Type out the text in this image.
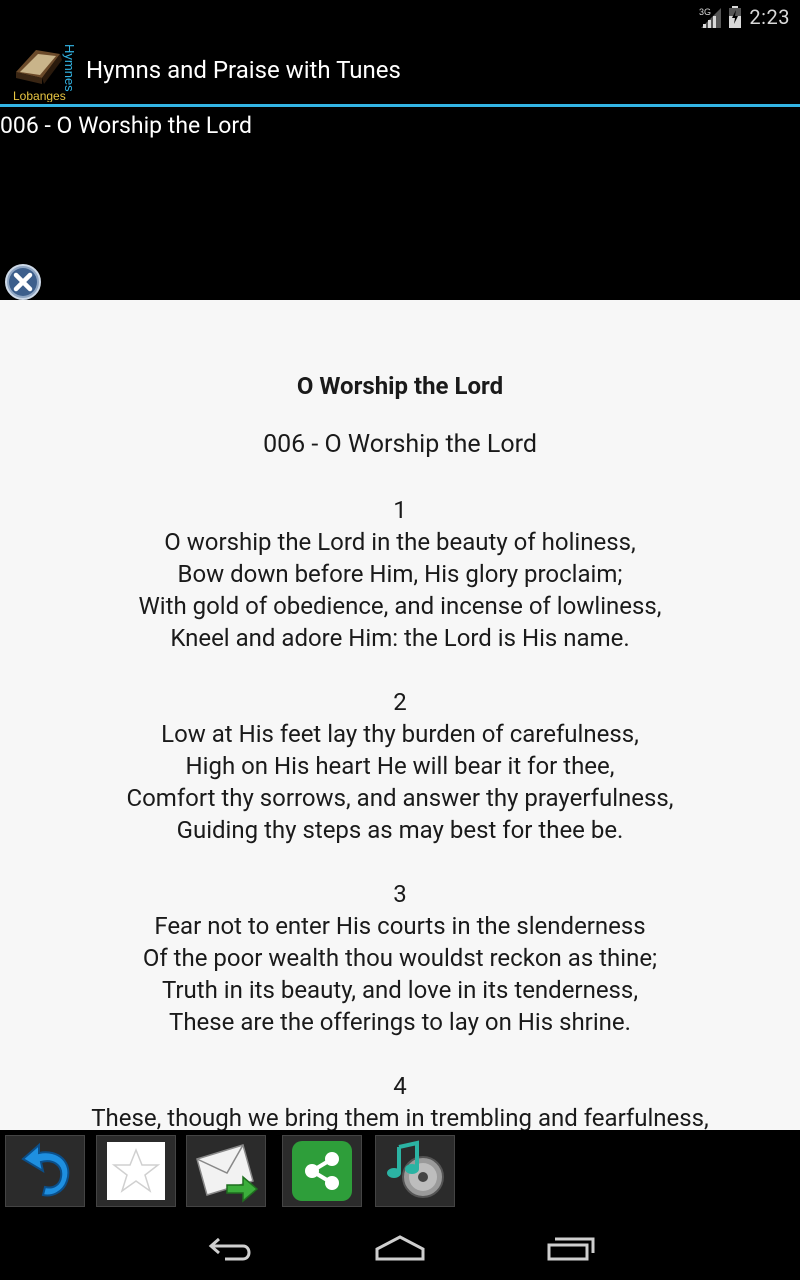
3G 2:23
Hymnes
Lobanges
Hymns and Praise with Tunes
006 - O Worship the Lord
O Worship the Lord
006 - O Worship the Lord
1
O worship the Lord in the beauty of holiness,
Bow down before Him, His glory proclaim;
With gold of obedience, and incense of lowliness,
Kneel and adore Him: the Lord is His name.
2
Low at His feet lay thy burden of carefulness,
High on His heart He will bear it for thee,
Comfort thy sorrows, and answer thy prayerfulness,
Guiding thy steps as may best for thee be.
3
Fear not to enter His courts in the slenderness
Of the poor wealth thou wouldst reckon as thine;
Truth in its beauty, and love in its tenderness,
These are the offerings to lay on His shrine.
4
These, though we bring them in trembling and fearfulness,
